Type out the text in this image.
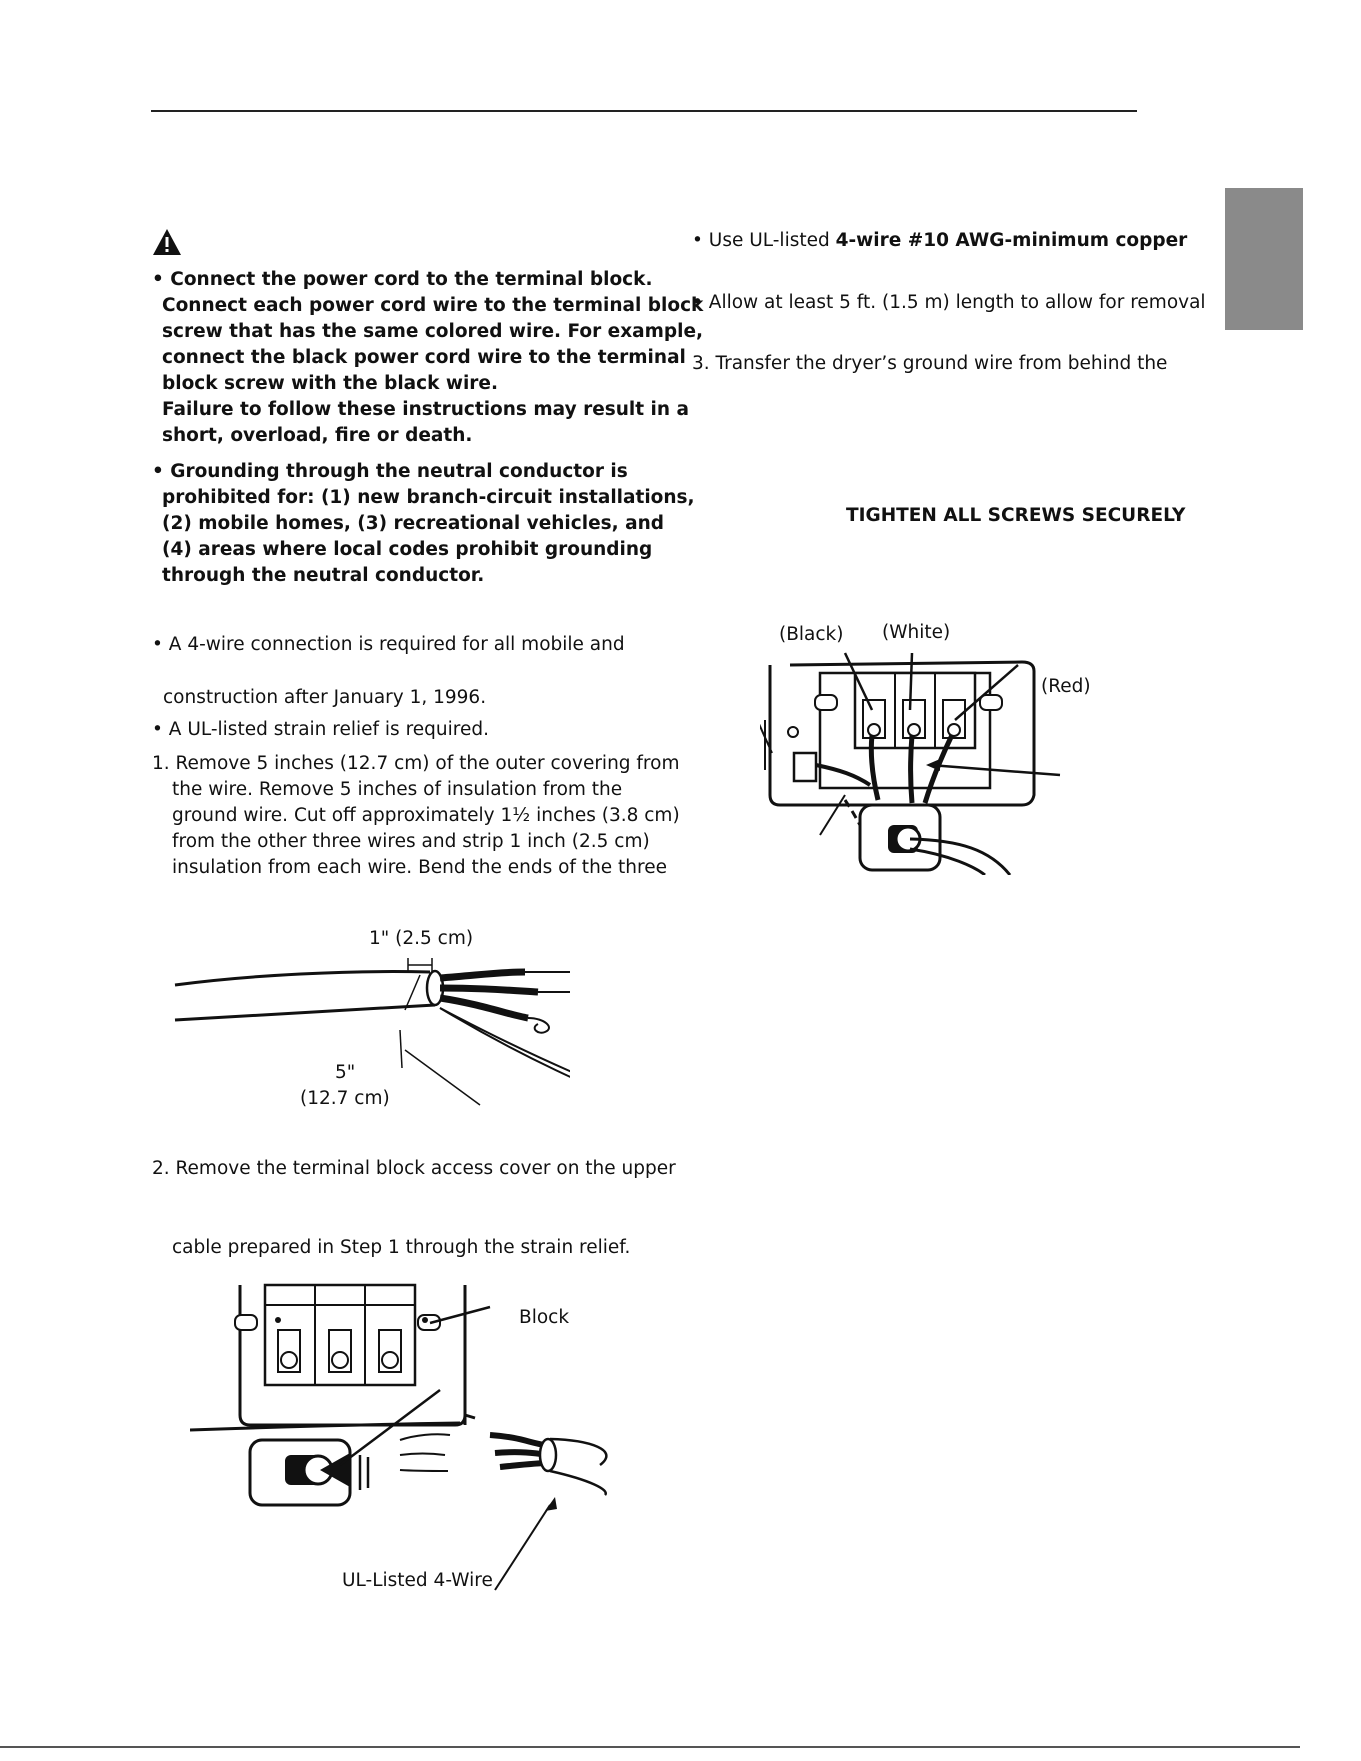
• Connect the power cord to the terminal block.
Connect each power cord wire to the terminal block
screw that has the same colored wire. For example,
connect the black power cord wire to the terminal
block screw with the black wire.
Failure to follow these instructions may result in a
short, overload, fire or death.
• Grounding through the neutral conductor is
prohibited for: (1) new branch-circuit installations,
(2) mobile homes, (3) recreational vehicles, and
(4) areas where local codes prohibit grounding
through the neutral conductor.
• A 4-wire connection is required for all mobile and
construction after January 1, 1996.
• A UL-listed strain relief is required.
1. Remove 5 inches (12.7 cm) of the outer covering from
the wire. Remove 5 inches of insulation from the
ground wire. Cut off approximately 1½ inches (3.8 cm)
from the other three wires and strip 1 inch (2.5 cm)
insulation from each wire. Bend the ends of the three
1" (2.5 cm)
5"
(12.7 cm)
2. Remove the terminal block access cover on the upper
cable prepared in Step 1 through the strain relief.
Block
UL-Listed 4-Wire
• Use UL-listed 4-wire #10 AWG-minimum copper
• Allow at least 5 ft. (1.5 m) length to allow for removal
3. Transfer the dryer’s ground wire from behind the
TIGHTEN ALL SCREWS SECURELY
(Black) (White)
(Red)
